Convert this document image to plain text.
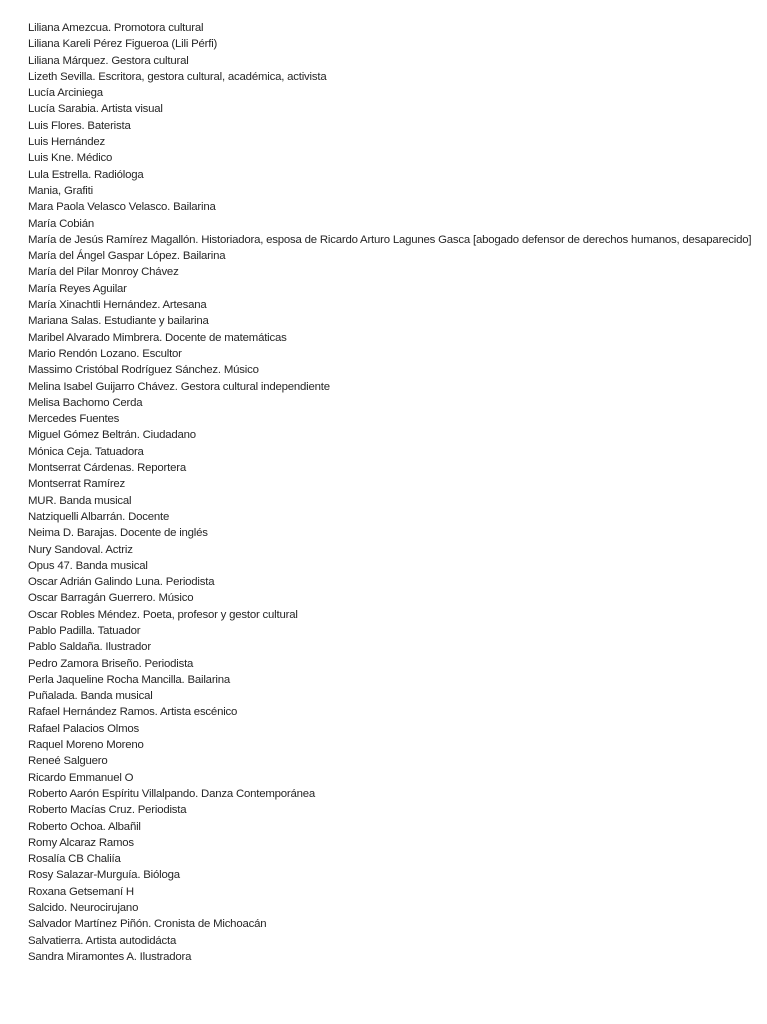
Liliana Amezcua. Promotora cultural
Liliana Kareli Pérez Figueroa (Lili Pérfi)
Liliana Márquez. Gestora cultural
Lizeth Sevilla. Escritora, gestora cultural, académica, activista
Lucía Arciniega
Lucía Sarabia. Artista visual
Luis Flores. Baterista
Luis Hernández
Luis Kne. Médico
Lula Estrella. Radióloga
Mania, Grafiti
Mara Paola Velasco Velasco. Bailarina
María Cobián
María de Jesús Ramírez Magallón. Historiadora, esposa de Ricardo Arturo Lagunes Gasca [abogado defensor de derechos humanos, desaparecido]
María del Ángel Gaspar López. Bailarina
María del Pilar Monroy Chávez
María Reyes Aguilar
María Xinachtli Hernández. Artesana
Mariana Salas. Estudiante y bailarina
Maribel Alvarado Mimbrera. Docente de matemáticas
Mario Rendón Lozano. Escultor
Massimo Cristóbal Rodríguez Sánchez. Músico
Melina Isabel Guijarro Chávez. Gestora cultural independiente
Melisa Bachomo Cerda
Mercedes Fuentes
Miguel Gómez Beltrán. Ciudadano
Mónica Ceja. Tatuadora
Montserrat Cárdenas. Reportera
Montserrat Ramírez
MUR. Banda musical
Natziquelli Albarrán. Docente
Neima D. Barajas. Docente de inglés
Nury Sandoval. Actriz
Opus 47. Banda musical
Oscar Adrián Galindo Luna. Periodista
Oscar Barragán Guerrero. Músico
Oscar Robles Méndez. Poeta, profesor y gestor cultural
Pablo Padilla. Tatuador
Pablo Saldaña. Ilustrador
Pedro Zamora Briseño. Periodista
Perla Jaqueline Rocha Mancilla. Bailarina
Puñalada. Banda musical
Rafael Hernández Ramos. Artista escénico
Rafael Palacios Olmos
Raquel Moreno Moreno
Reneé Salguero
Ricardo Emmanuel O
Roberto Aarón Espíritu Villalpando. Danza Contemporánea
Roberto Macías Cruz. Periodista
Roberto Ochoa. Albañil
Romy Alcaraz Ramos
Rosalía CB Chaliía
Rosy Salazar-Murguía. Bióloga
Roxana Getsemaní H
Salcido. Neurocirujano
Salvador Martínez Piñón. Cronista de Michoacán
Salvatierra. Artista autodidácta
Sandra Miramontes A. Ilustradora
